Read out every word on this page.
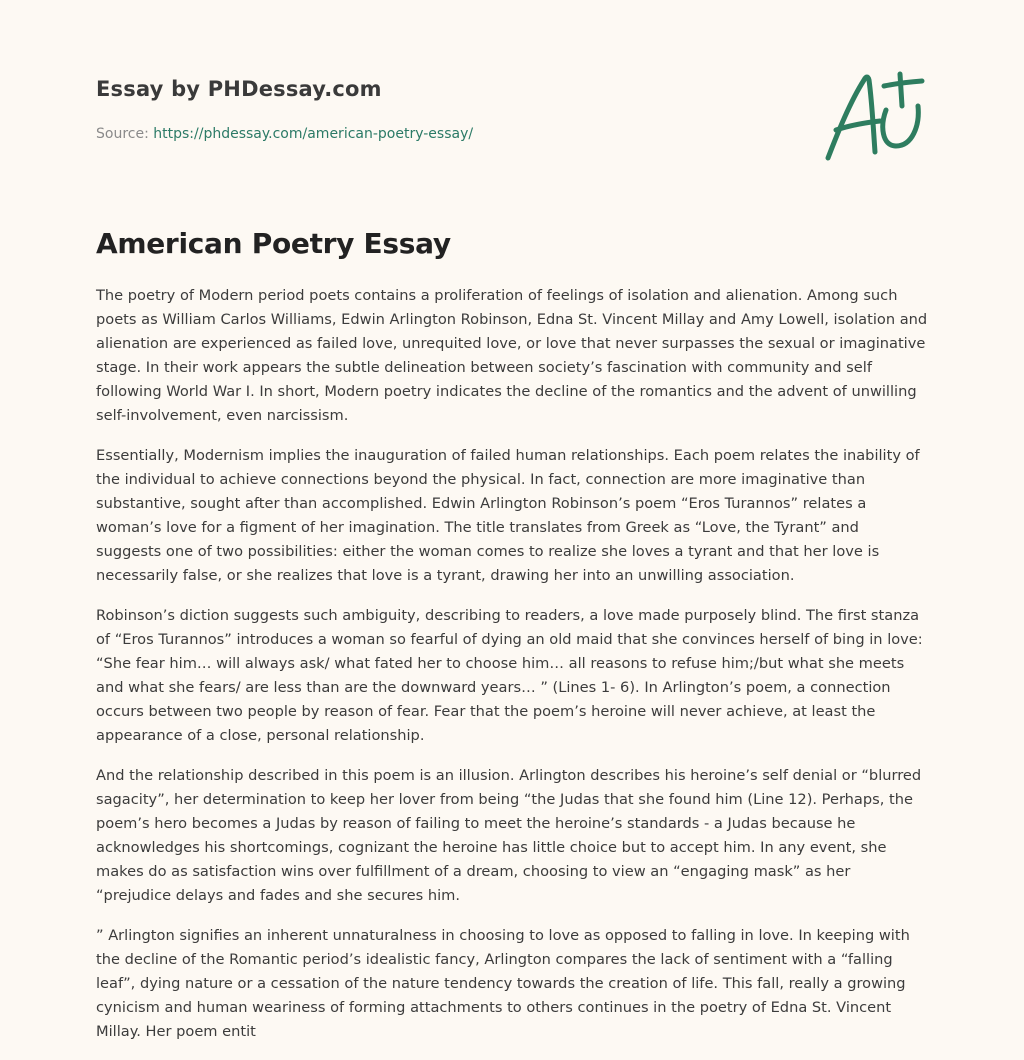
Essay by PHDessay.com
Source: https://phdessay.com/american-poetry-essay/
American Poetry Essay

The poetry of Modern period poets contains a proliferation of feelings of isolation and alienation. Among such poets as William Carlos Williams, Edwin Arlington Robinson, Edna St. Vincent Millay and Amy Lowell, isolation and alienation are experienced as failed love, unrequited love, or love that never surpasses the sexual or imaginative stage. In their work appears the subtle delineation between society’s fascination with community and self following World War I. In short, Modern poetry indicates the decline of the romantics and the advent of unwilling self-involvement, even narcissism.

Essentially, Modernism implies the inauguration of failed human relationships. Each poem relates the inability of the individual to achieve connections beyond the physical. In fact, connection are more imaginative than substantive, sought after than accomplished. Edwin Arlington Robinson’s poem “Eros Turannos” relates a woman’s love for a figment of her imagination. The title translates from Greek as “Love, the Tyrant” and suggests one of two possibilities: either the woman comes to realize she loves a tyrant and that her love is necessarily false, or she realizes that love is a tyrant, drawing her into an unwilling association.

Robinson’s diction suggests such ambiguity, describing to readers, a love made purposely blind. The first stanza of “Eros Turannos” introduces a woman so fearful of dying an old maid that she convinces herself of bing in love: “She fear him… will always ask/ what fated her to choose him… all reasons to refuse him;/but what she meets and what she fears/ are less than are the downward years… ” (Lines 1- 6). In Arlington’s poem, a connection occurs between two people by reason of fear. Fear that the poem’s heroine will never achieve, at least the appearance of a close, personal relationship.

And the relationship described in this poem is an illusion. Arlington describes his heroine’s self denial or “blurred sagacity”, her determination to keep her lover from being “the Judas that she found him (Line 12). Perhaps, the poem’s hero becomes a Judas by reason of failing to meet the heroine’s standards - a Judas because he acknowledges his shortcomings, cognizant the heroine has little choice but to accept him. In any event, she makes do as satisfaction wins over fulfillment of a dream, choosing to view an “engaging mask” as her “prejudice delays and fades and she secures him.

” Arlington signifies an inherent unnaturalness in choosing to love as opposed to falling in love. In keeping with the decline of the Romantic period’s idealistic fancy, Arlington compares the lack of sentiment with a “falling leaf”, dying nature or a cessation of the nature tendency towards the creation of life. This fall, really a growing cynicism and human weariness of forming attachments to others continues in the poetry of Edna St. Vincent Millay. Her poem entit
